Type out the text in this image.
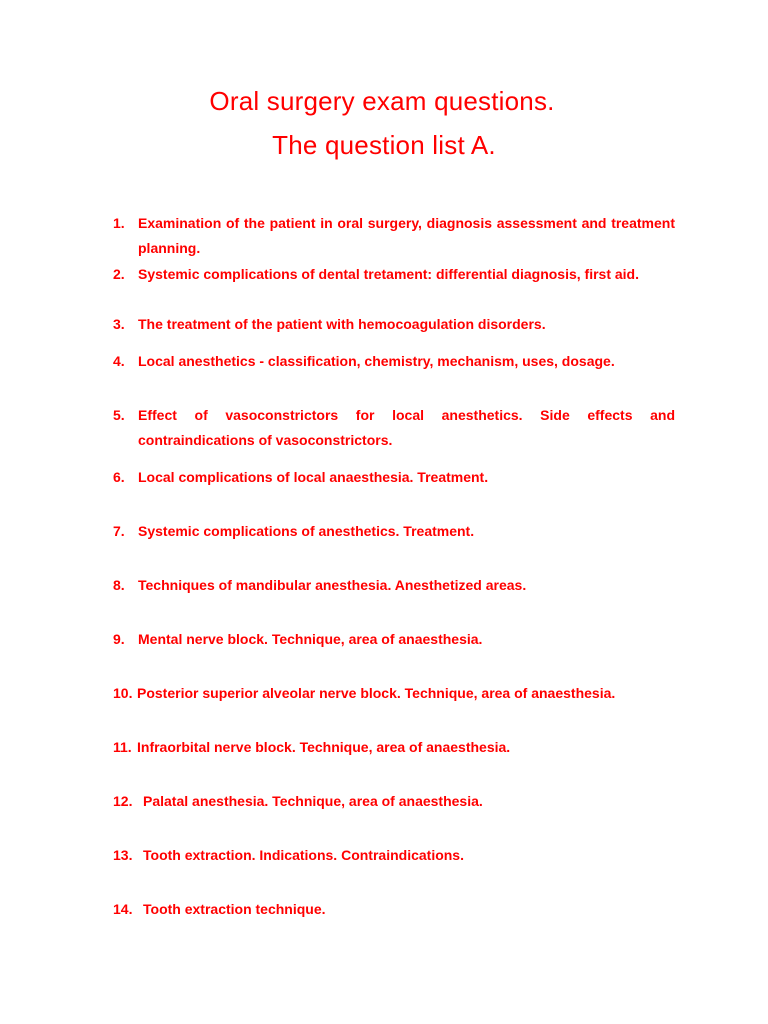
Oral surgery exam questions.
The question list A.
1. Examination of the patient in oral surgery, diagnosis assessment and treatment planning.
2. Systemic complications of dental tretament: differential diagnosis, first aid.
3. The treatment of the patient with hemocoagulation disorders.
4. Local anesthetics - classification, chemistry, mechanism, uses, dosage.
5. Effect of vasoconstrictors for local anesthetics. Side effects and contraindications of vasoconstrictors.
6. Local complications of local anaesthesia. Treatment.
7. Systemic complications of anesthetics. Treatment.
8. Techniques of mandibular anesthesia. Anesthetized areas.
9. Mental nerve block. Technique, area of anaesthesia.
10. Posterior superior alveolar nerve block. Technique, area of anaesthesia.
11. Infraorbital nerve block. Technique, area of anaesthesia.
12. Palatal anesthesia. Technique, area of anaesthesia.
13. Tooth extraction. Indications. Contraindications.
14. Tooth extraction technique.
